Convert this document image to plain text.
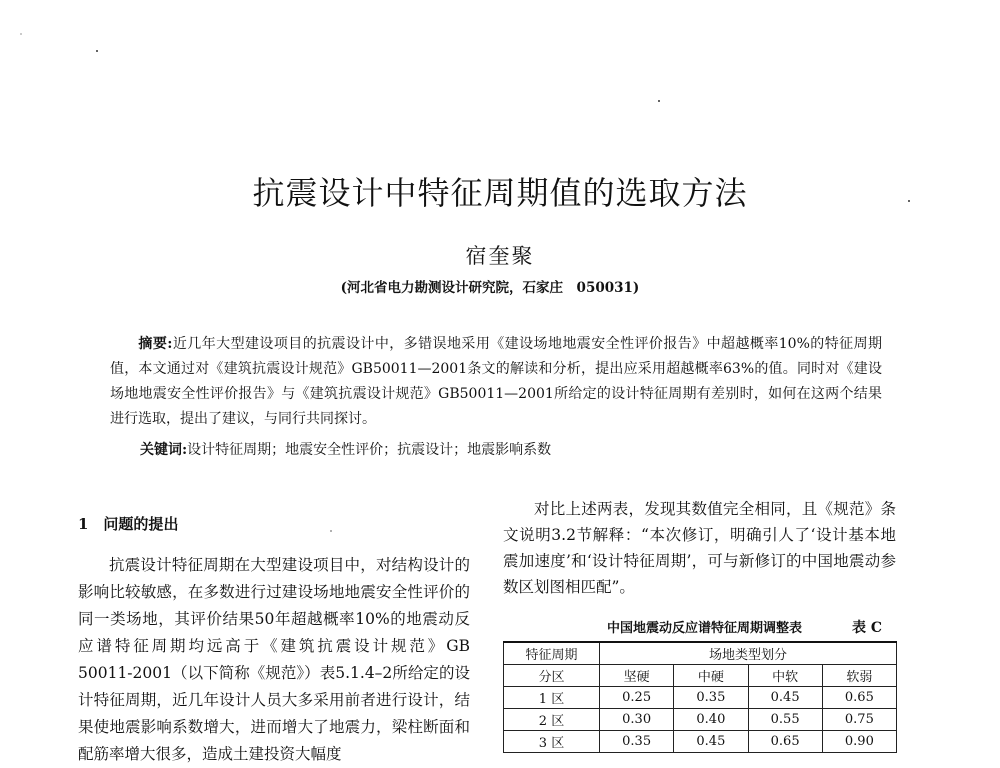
抗震设计中特征周期值的选取方法
宿奎聚
(河北省电力勘测设计研究院，石家庄　050031)
摘要:近几年大型建设项目的抗震设计中，多错误地采用《建设场地地震安全性评价报告》中超越概率10%的特征周期值，本文通过对《建筑抗震设计规范》GB50011—2001条文的解读和分析，提出应采用超越概率63%的值。同时对《建设场地地震安全性评价报告》与《建筑抗震设计规范》GB50011—2001所给定的设计特征周期有差别时，如何在这两个结果进行选取，提出了建议，与同行共同探讨。
关键词:设计特征周期；地震安全性评价；抗震设计；地震影响系数
1　问题的提出
抗震设计特征周期在大型建设项目中，对结构设计的影响比较敏感，在多数进行过建设场地地震安全性评价的同一类场地，其评价结果50年超越概率10%的地震动反应谱特征周期均远高于《建筑抗震设计规范》GB 50011-2001（以下简称《规范》）表5.1.4–2所给定的设计特征周期，近几年设计人员大多采用前者进行设计，结果使地震影响系数增大，进而增大了地震力，梁柱断面和配筋率增大很多，造成土建投资大幅度
对比上述两表，发现其数值完全相同，且《规范》条文说明3.2节解释：“本次修订，明确引人了‘设计基本地震加速度’和‘设计特征周期’，可与新修订的中国地震动参数区划图相匹配”。
中国地震动反应谱特征周期调整表	表 C
特征周期	场地类型划分			
分区	坚硬	中硬	中软	软弱
1 区	0.25	0.35	0.45	0.65
2 区	0.30	0.40	0.55	0.75
3 区	0.35	0.45	0.65	0.90
